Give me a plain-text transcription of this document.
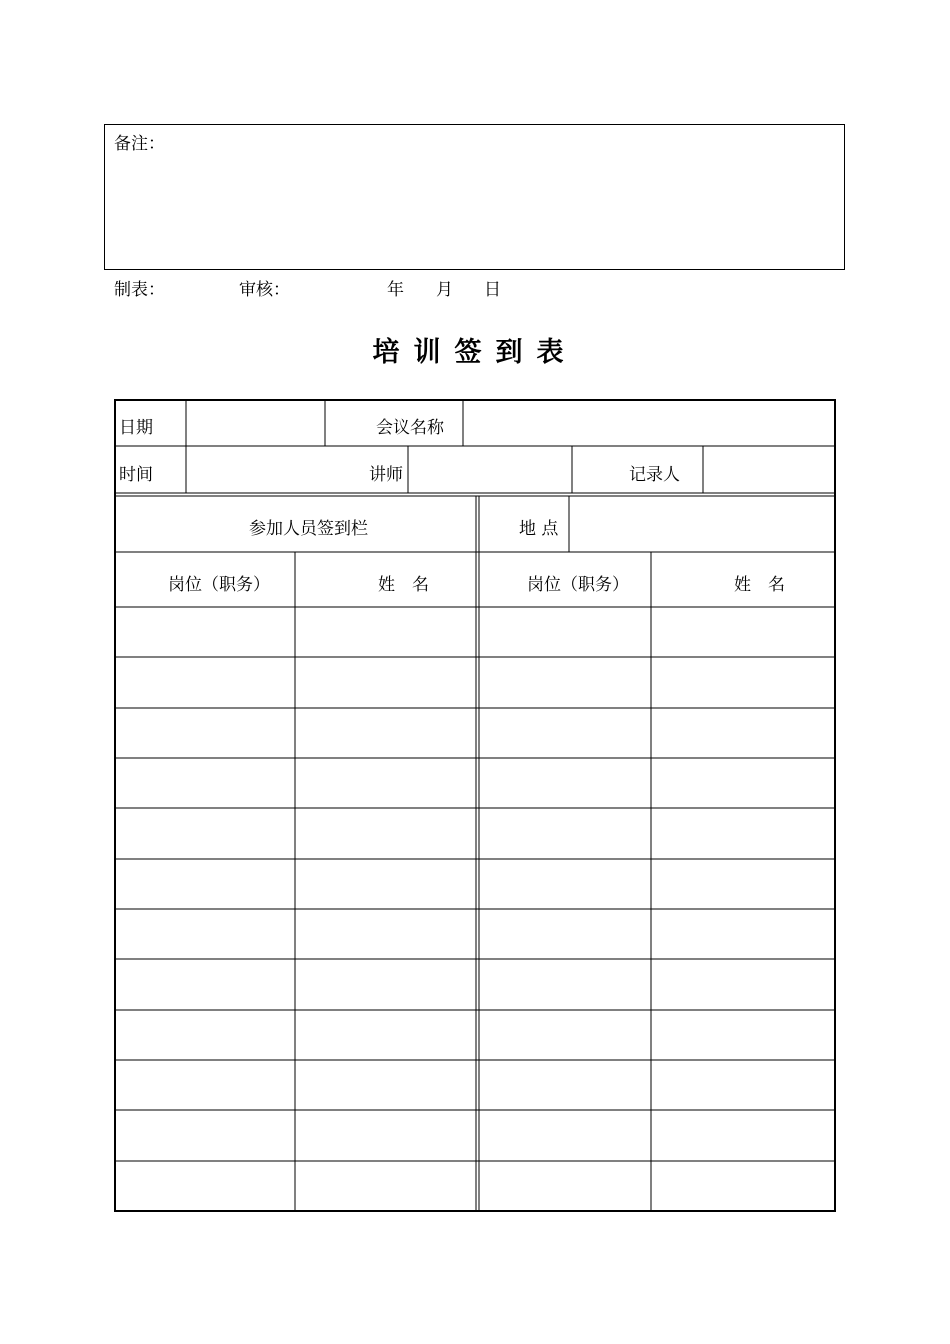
备注：
制表：	审核：	年 月 日
培训签到表
日期	会议名称
时间	讲师	记录人
参加人员签到栏	地 点
岗位（职务）	姓　名	岗位（职务）	姓　名
